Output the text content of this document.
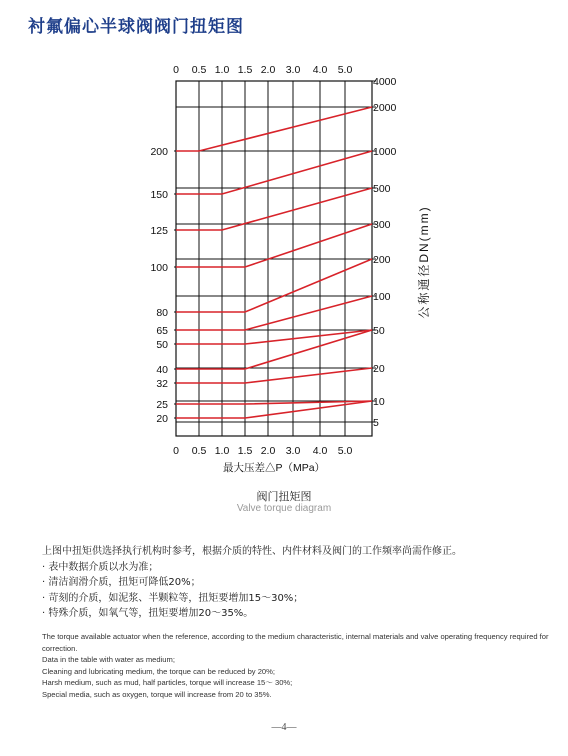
衬氟偏心半球阀阀门扭矩图
0
0
0.5
0.5
1.0
1.0
1.5
1.5
2.0
2.0
3.0
3.0
4.0
4.0
5.0
5.0
最大压差△P（MPa）
200
150
125
100
80
65
50
40
32
25
20
4000
2000
1000
500
300
200
100
50
20
10
5
公称通径DN(mm)
阀门扭矩图
Valve torque diagram
上图中扭矩供选择执行机构时参考，根据介质的特性、内件材料及阀门的工作频率尚需作修正。
· 表中数据介质以水为准；
· 清洁润滑介质，扭矩可降低20%；
· 苛刻的介质，如泥浆、半颗粒等，扭矩要增加15～30%；
· 特殊介质，如氧气等，扭矩要增加20～35%。
The torque available actuator when the reference, according to the medium characteristic, internal materials and valve operating frequency required for correction.
Data in the table with water as medium;
Cleaning and lubricating medium, the torque can be reduced by 20%;
Harsh medium, such as mud, half particles, torque will increase 15～ 30%;
Special media, such as oxygen, torque will increase from 20 to 35%.
—4—
